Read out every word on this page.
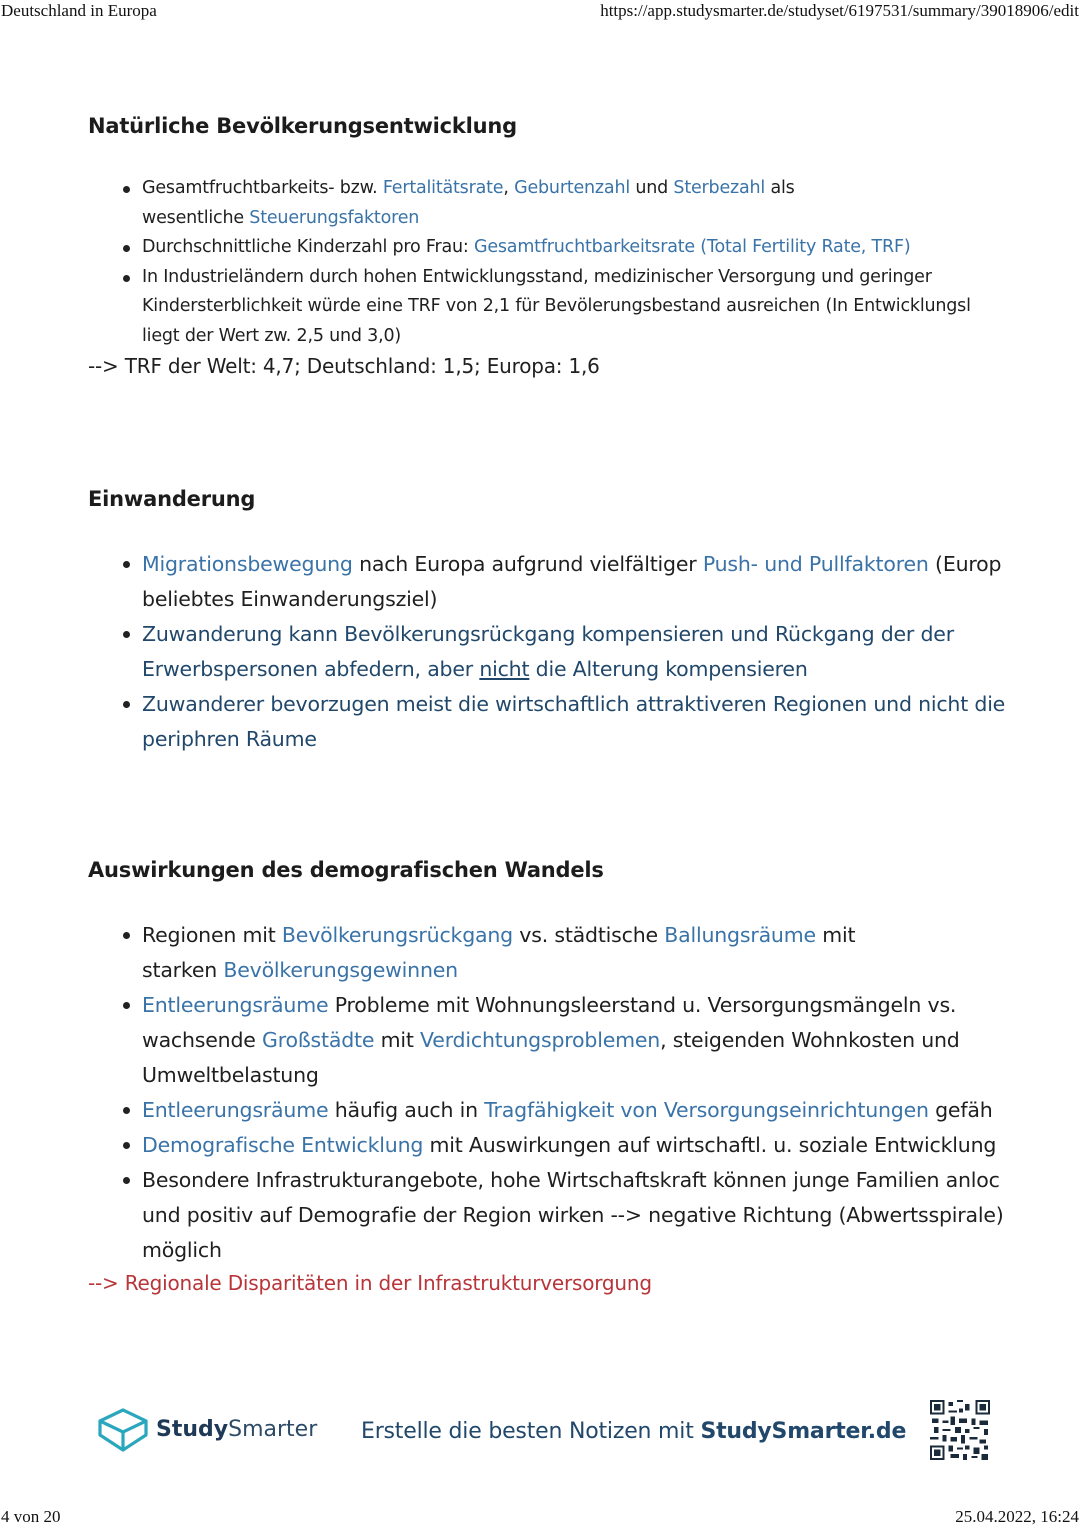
Deutschland in Europa	https://app.studysmarter.de/studyset/6197531/summary/39018906/edit
Natürliche Bevölkerungsentwicklung
Gesamtfruchtbarkeits- bzw. Fertalitätsrate, Geburtenzahl und Sterbezahl als
wesentliche Steuerungsfaktoren
Durchschnittliche Kinderzahl pro Frau: Gesamtfruchtbarkeitsrate (Total Fertility Rate, TRF)
In Industrieländern durch hohen Entwicklungsstand, medizinischer Versorgung und geringer
Kindersterblichkeit würde eine TRF von 2,1 für Bevölerungsbestand ausreichen (In Entwicklungsl
liegt der Wert zw. 2,5 und 3,0)
--> TRF der Welt: 4,7; Deutschland: 1,5; Europa: 1,6
Einwanderung
Migrationsbewegung nach Europa aufgrund vielfältiger Push- und Pullfaktoren (Europ
beliebtes Einwanderungsziel)
Zuwanderung kann Bevölkerungsrückgang kompensieren und Rückgang der der
Erwerbspersonen abfedern, aber nicht die Alterung kompensieren
Zuwanderer bevorzugen meist die wirtschaftlich attraktiveren Regionen und nicht die
periphren Räume
Auswirkungen des demografischen Wandels
Regionen mit Bevölkerungsrückgang vs. städtische Ballungsräume mit
starken Bevölkerungsgewinnen
Entleerungsräume Probleme mit Wohnungsleerstand u. Versorgungsmängeln vs.
wachsende Großstädte mit Verdichtungsproblemen, steigenden Wohnkosten und
Umweltbelastung
Entleerungsräume häufig auch in Tragfähigkeit von Versorgungseinrichtungen gefäh
Demografische Entwicklung mit Auswirkungen auf wirtschaftl. u. soziale Entwicklung
Besondere Infrastrukturangebote, hohe Wirtschaftskraft können junge Familien anloc
und positiv auf Demografie der Region wirken --> negative Richtung (Abwertsspirale)
möglich
--> Regionale Disparitäten in der Infrastrukturversorgung
StudySmarter Erstelle die besten Notizen mit StudySmarter.de
4 von 20	25.04.2022, 16:24
